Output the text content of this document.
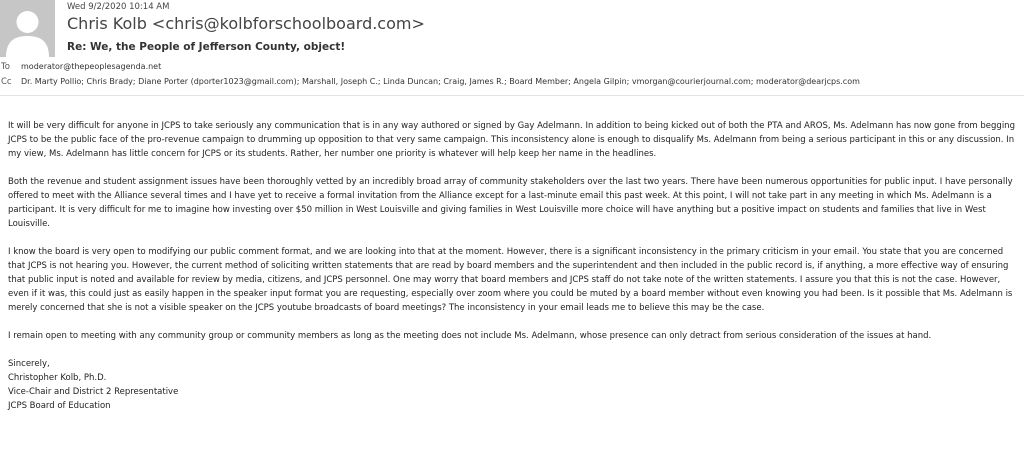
Wed 9/2/2020 10:14 AM
Chris Kolb <chris@kolbforschoolboard.com>
Re: We, the People of Jefferson County, object!
To moderator@thepeoplesagenda.net
Cc Dr. Marty Pollio; Chris Brady; Diane Porter (dporter1023@gmail.com); Marshall, Joseph C.; Linda Duncan; Craig, James R.; Board Member; Angela Gilpin; vmorgan@courierjournal.com; moderator@dearjcps.com

It will be very difficult for anyone in JCPS to take seriously any communication that is in any way authored or signed by Gay Adelmann. In addition to being kicked out of both the PTA and AROS, Ms. Adelmann has now gone from begging JCPS to be the public face of the pro-revenue campaign to drumming up opposition to that very same campaign. This inconsistency alone is enough to disqualify Ms. Adelmann from being a serious participant in this or any discussion. In my view, Ms. Adelmann has little concern for JCPS or its students. Rather, her number one priority is whatever will help keep her name in the headlines.

Both the revenue and student assignment issues have been thoroughly vetted by an incredibly broad array of community stakeholders over the last two years. There have been numerous opportunities for public input. I have personally offered to meet with the Alliance several times and I have yet to receive a formal invitation from the Alliance except for a last-minute email this past week. At this point, I will not take part in any meeting in which Ms. Adelmann is a participant. It is very difficult for me to imagine how investing over $50 million in West Louisville and giving families in West Louisville more choice will have anything but a positive impact on students and families that live in West Louisville.

I know the board is very open to modifying our public comment format, and we are looking into that at the moment. However, there is a significant inconsistency in the primary criticism in your email. You state that you are concerned that JCPS is not hearing you. However, the current method of soliciting written statements that are read by board members and the superintendent and then included in the public record is, if anything, a more effective way of ensuring that public input is noted and available for review by media, citizens, and JCPS personnel. One may worry that board members and JCPS staff do not take note of the written statements. I assure you that this is not the case. However, even if it was, this could just as easily happen in the speaker input format you are requesting, especially over zoom where you could be muted by a board member without even knowing you had been. Is it possible that Ms. Adelmann is merely concerned that she is not a visible speaker on the JCPS youtube broadcasts of board meetings? The inconsistency in your email leads me to believe this may be the case.

I remain open to meeting with any community group or community members as long as the meeting does not include Ms. Adelmann, whose presence can only detract from serious consideration of the issues at hand.

Sincerely,
Christopher Kolb, Ph.D.
Vice-Chair and District 2 Representative
JCPS Board of Education
